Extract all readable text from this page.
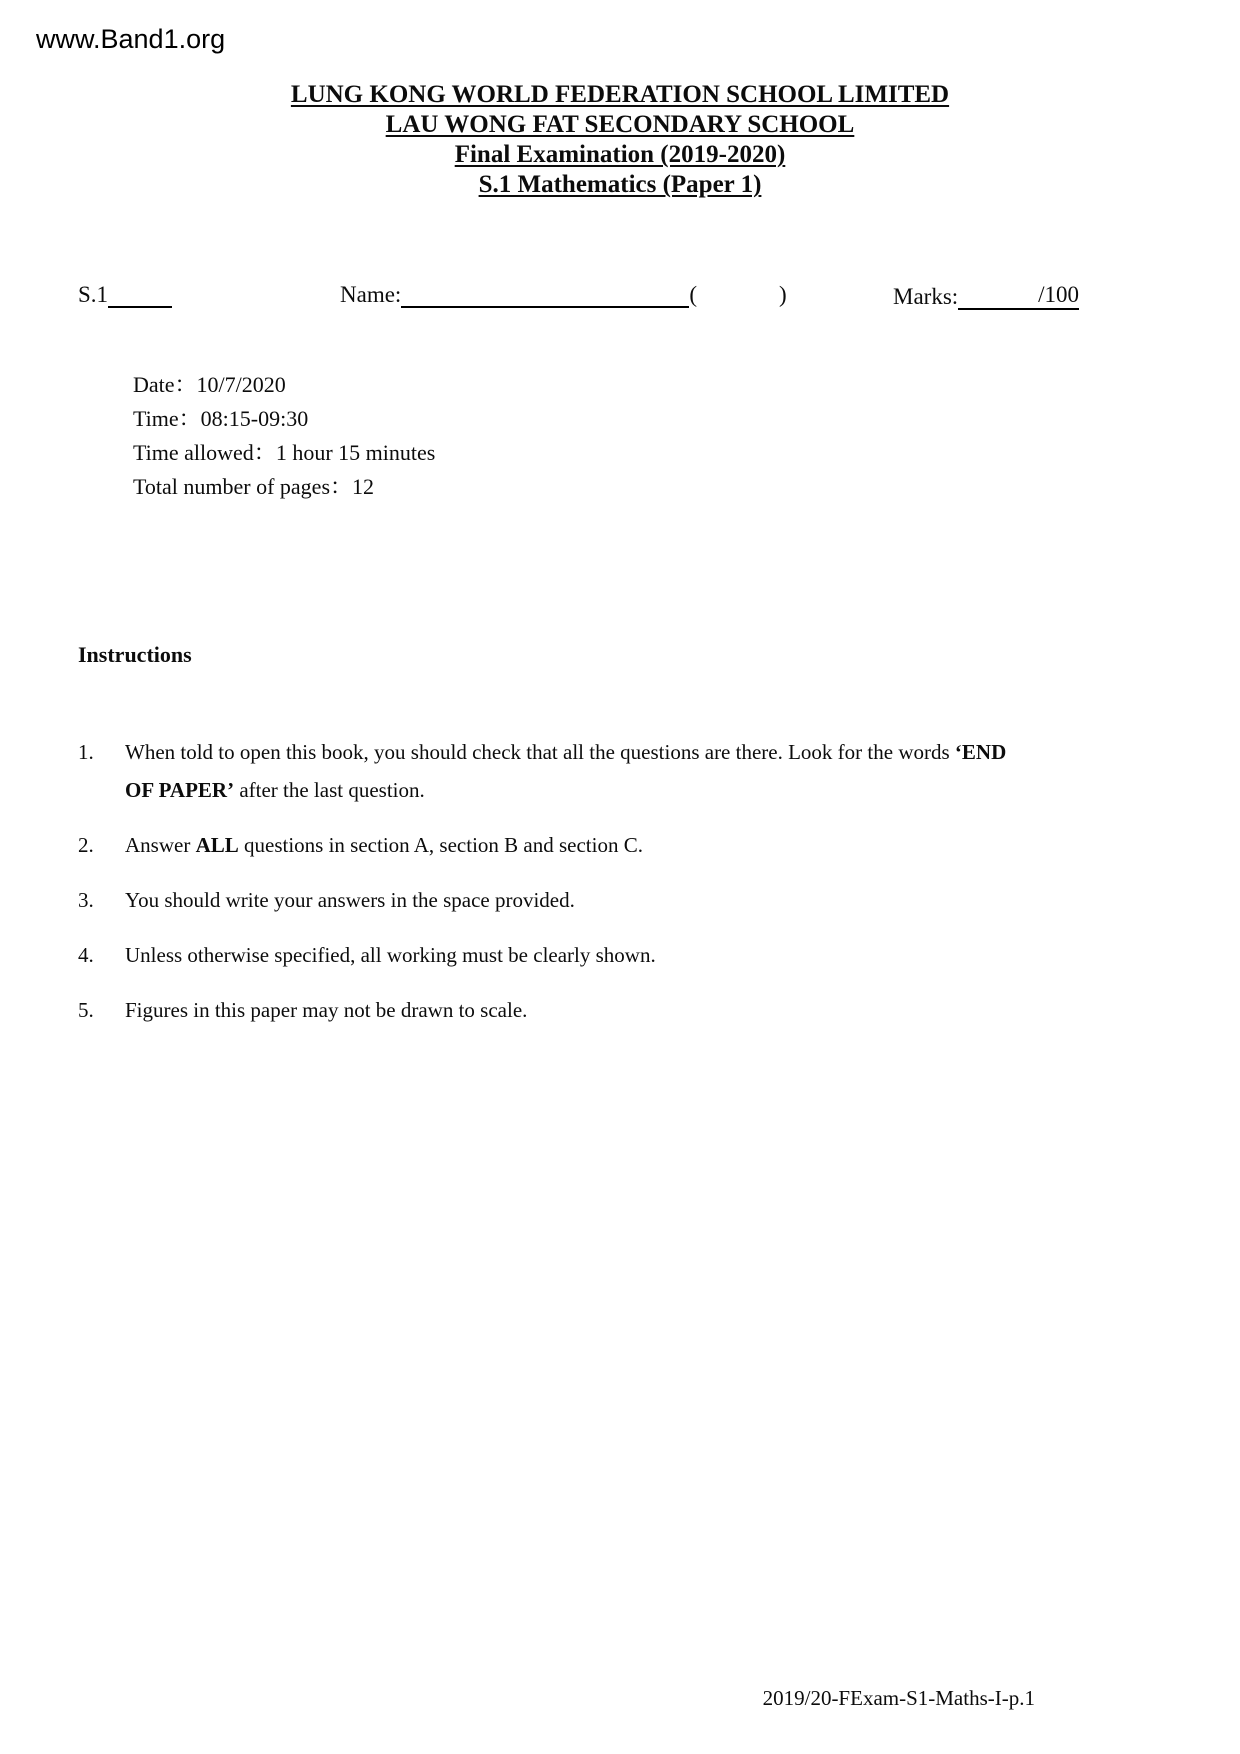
www.Band1.org
LUNG KONG WORLD FEDERATION SCHOOL LIMITED
LAU WONG FAT SECONDARY SCHOOL
Final Examination (2019-2020)
S.1 Mathematics (Paper 1)
S.1	Name:	(	)	Marks:	/100
Date：10/7/2020
Time：08:15-09:30
Time allowed：1 hour 15 minutes
Total number of pages：12
Instructions
1.	When told to open this book, you should check that all the questions are there. Look for the words ‘END OF PAPER’ after the last question.
2.	Answer ALL questions in section A, section B and section C.
3.	You should write your answers in the space provided.
4.	Unless otherwise specified, all working must be clearly shown.
5.	Figures in this paper may not be drawn to scale.
2019/20-FExam-S1-Maths-I-p.1
